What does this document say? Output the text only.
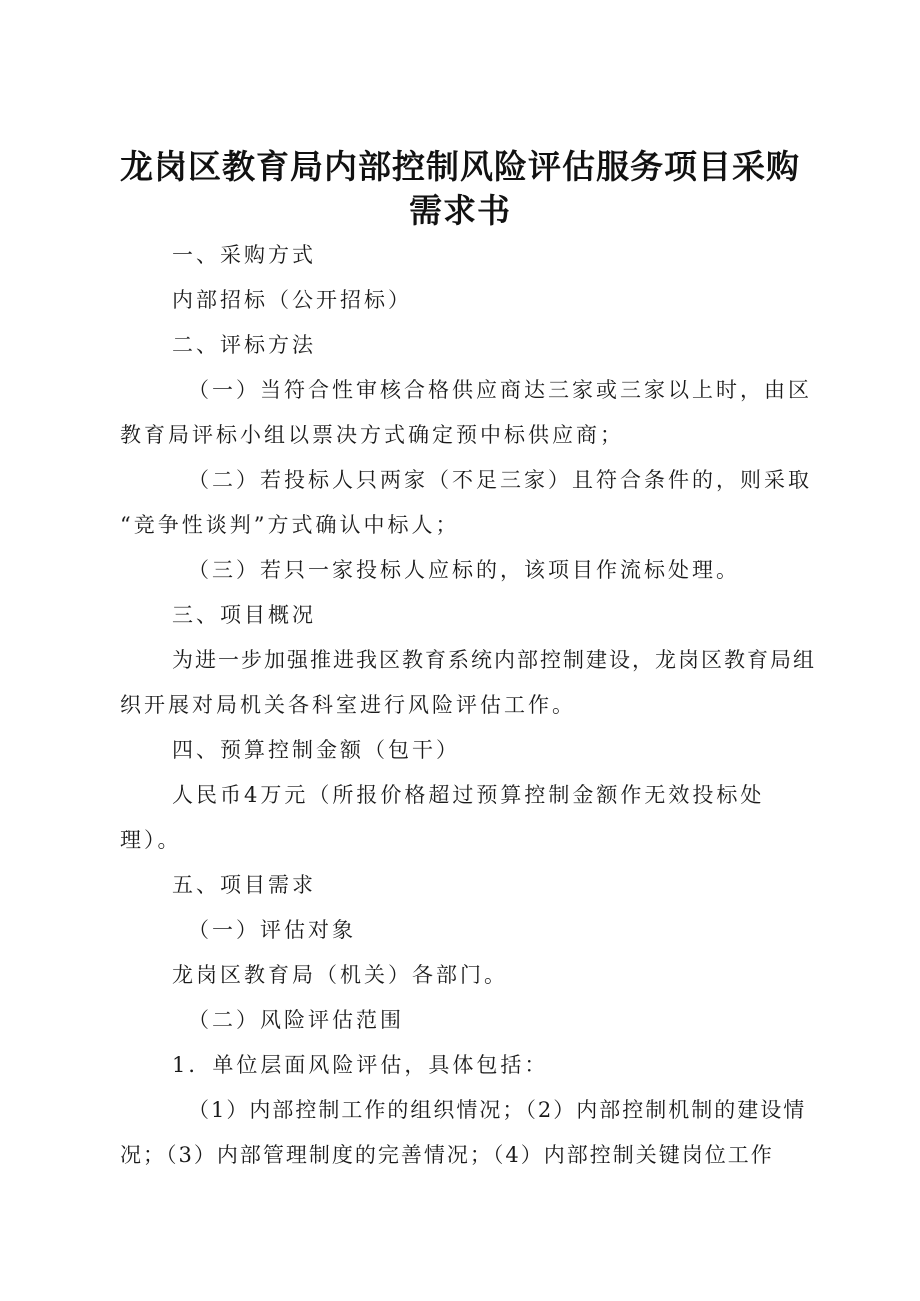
龙岗区教育局内部控制风险评估服务项目采购
需求书
一、采购方式
内部招标（公开招标）
二、评标方法
（一）当符合性审核合格供应商达三家或三家以上时，由区
教育局评标小组以票决方式确定预中标供应商；
（二）若投标人只两家（不足三家）且符合条件的，则采取
“竞争性谈判”方式确认中标人；
（三）若只一家投标人应标的，该项目作流标处理。
三、项目概况
为进一步加强推进我区教育系统内部控制建设，龙岗区教育局组
织开展对局机关各科室进行风险评估工作。
四、预算控制金额（包干）
人民币4万元（所报价格超过预算控制金额作无效投标处
理）。
五、项目需求
（一）评估对象
龙岗区教育局（机关）各部门。
（二）风险评估范围
1．单位层面风险评估，具体包括：
（1）内部控制工作的组织情况；（2）内部控制机制的建设情
况；（3）内部管理制度的完善情况；（4）内部控制关键岗位工作
